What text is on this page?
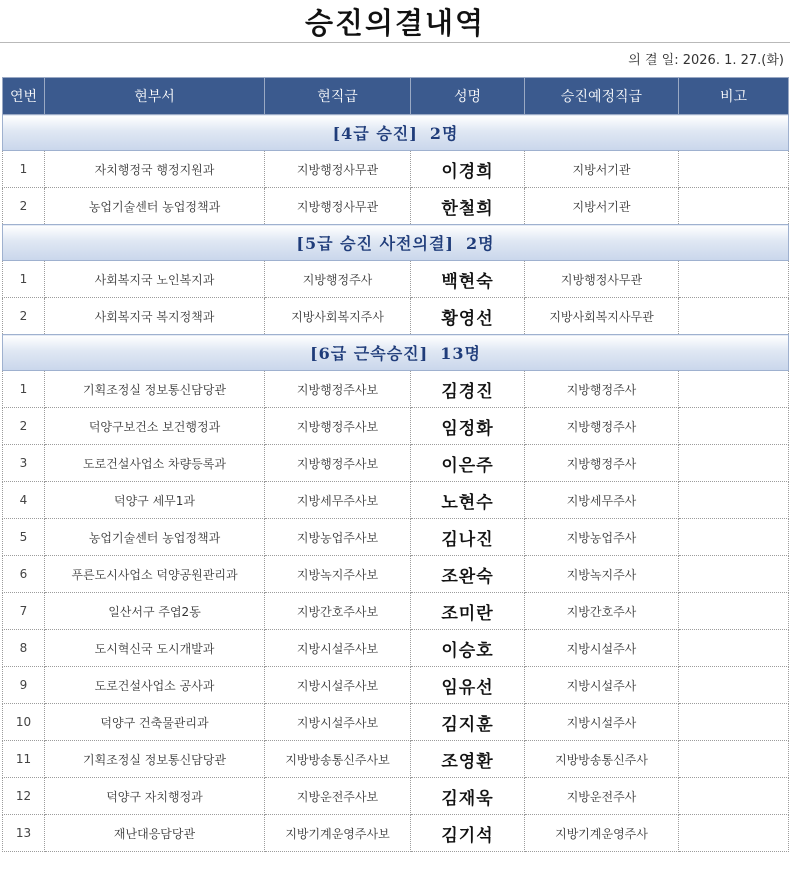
승진의결내역
의 결 일: 2026. 1. 27.(화)
연번	현부서	현직급	성명	승진예정직급	비고
[4급 승진] 2명					
1	자치행정국 행정지원과	지방행정사무관	이경희	지방서기관	
2	농업기술센터 농업정책과	지방행정사무관	한철희	지방서기관	
[5급 승진 사전의결] 2명					
1	사회복지국 노인복지과	지방행정주사	백현숙	지방행정사무관	
2	사회복지국 복지정책과	지방사회복지주사	황영선	지방사회복지사무관	
[6급 근속승진] 13명					
1	기획조정실 정보통신담당관	지방행정주사보	김경진	지방행정주사	
2	덕양구보건소 보건행정과	지방행정주사보	임정화	지방행정주사	
3	도로건설사업소 차량등록과	지방행정주사보	이은주	지방행정주사	
4	덕양구 세무1과	지방세무주사보	노현수	지방세무주사	
5	농업기술센터 농업정책과	지방농업주사보	김나진	지방농업주사	
6	푸른도시사업소 덕양공원관리과	지방녹지주사보	조완숙	지방녹지주사	
7	일산서구 주엽2동	지방간호주사보	조미란	지방간호주사	
8	도시혁신국 도시개발과	지방시설주사보	이승호	지방시설주사	
9	도로건설사업소 공사과	지방시설주사보	임유선	지방시설주사	
10	덕양구 건축물관리과	지방시설주사보	김지훈	지방시설주사	
11	기획조정실 정보통신담당관	지방방송통신주사보	조영환	지방방송통신주사	
12	덕양구 자치행정과	지방운전주사보	김재욱	지방운전주사	
13	재난대응담당관	지방기계운영주사보	김기석	지방기계운영주사	
